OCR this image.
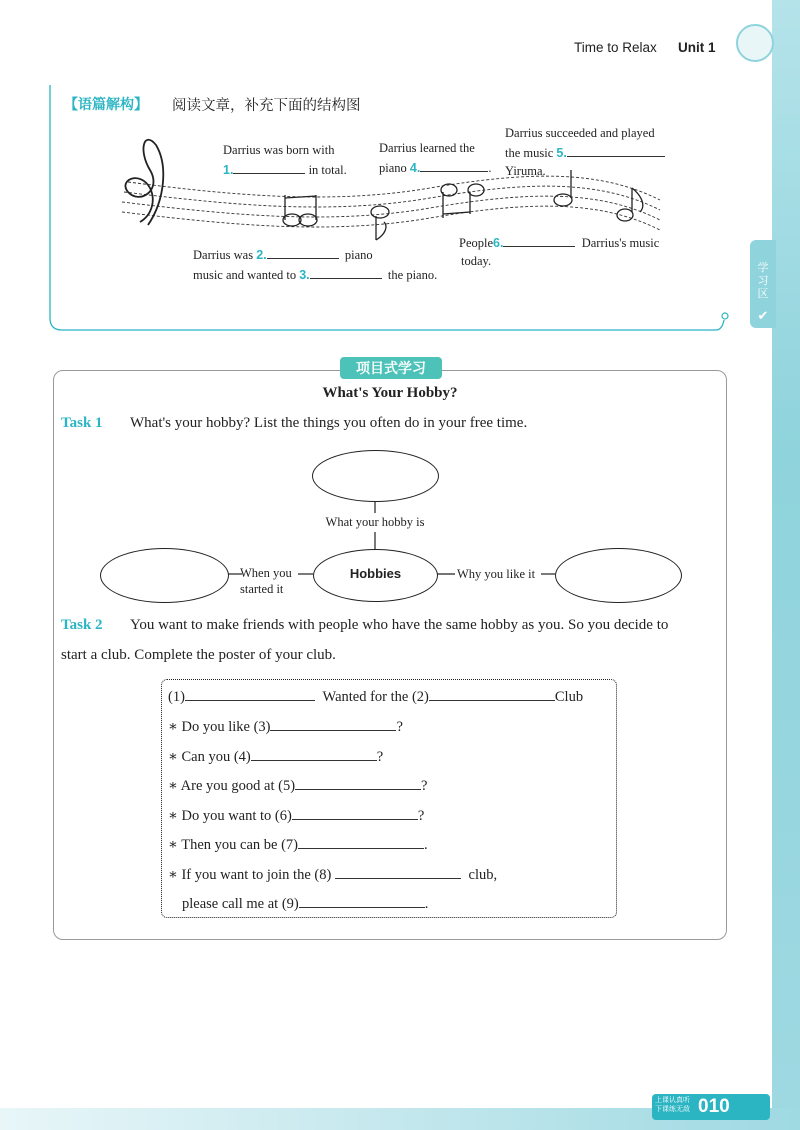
学习区
✔
Time to Relax Unit 1
【语篇解构】 阅读文章，补充下面的结构图
Darrius was born with
1.	in total.
Darrius learned the
piano 4.	.
Darrius succeeded and played
the music 5.
Yiruma.
Darrius was 2.	piano
music and wanted to 3.	the piano.
People6.	Darrius's music
today.
项目式学习
What's Your Hobby?
Task 1 What's your hobby? List the things you often do in your free time.
Hobbies
What your hobby is
When you
started it
Why you like it
Task 2 You want to make friends with people who have the same hobby as you. So you decide to
start a club. Complete the poster of your club.
(1)	Wanted for the (2)	Club
∗ Do you like (3)	?
∗ Can you (4)	?
∗ Are you good at (5)	?
∗ Do you want to (6)	?
∗ Then you can be (7)	.
∗ If you want to join the (8)	club,
please call me at (9)	.
上课认真听
下课练无敌 010
